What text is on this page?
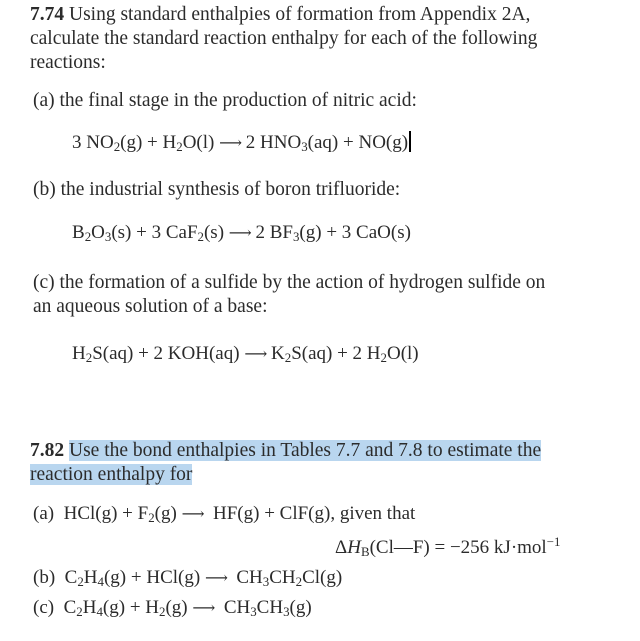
7.74 Using standard enthalpies of formation from Appendix 2A,
calculate the standard reaction enthalpy for each of the following
reactions:
(a) the final stage in the production of nitric acid:
3 $NO_2(g) + H_2O(l)$ ⟶ 2 $HNO_3(aq) + NO(g)$
(b) the industrial synthesis of boron trifluoride:
$B_2O_3(s) + 3$ CaF$_2$(s) ⟶ 2 $BF_3(g) + 3$ CaO(s)
(c) the formation of a sulfide by the action of hydrogen sulfide on
an aqueous solution of a base:
$H_2S(aq) + 2$ KOH(aq) ⟶ $K_2S(aq) + 2$ $H_2O(l)$
7.82 Use the bond enthalpies in Tables 7.7 and 7.8 to estimate the
reaction enthalpy for
(a)  $HCl(g) + F_2(g)$ ⟶  HF(g) + ClF(g), given that
$\Delta H_B(Cl—F) = -256$ kJ·mol$^{-1}$
(b)  $C_2H_4(g) + HCl(g)$ ⟶  $CH_3CH_2Cl(g)$
(c)  $C_2H_4(g) + H_2(g)$ ⟶  $CH_3CH_3(g)$
